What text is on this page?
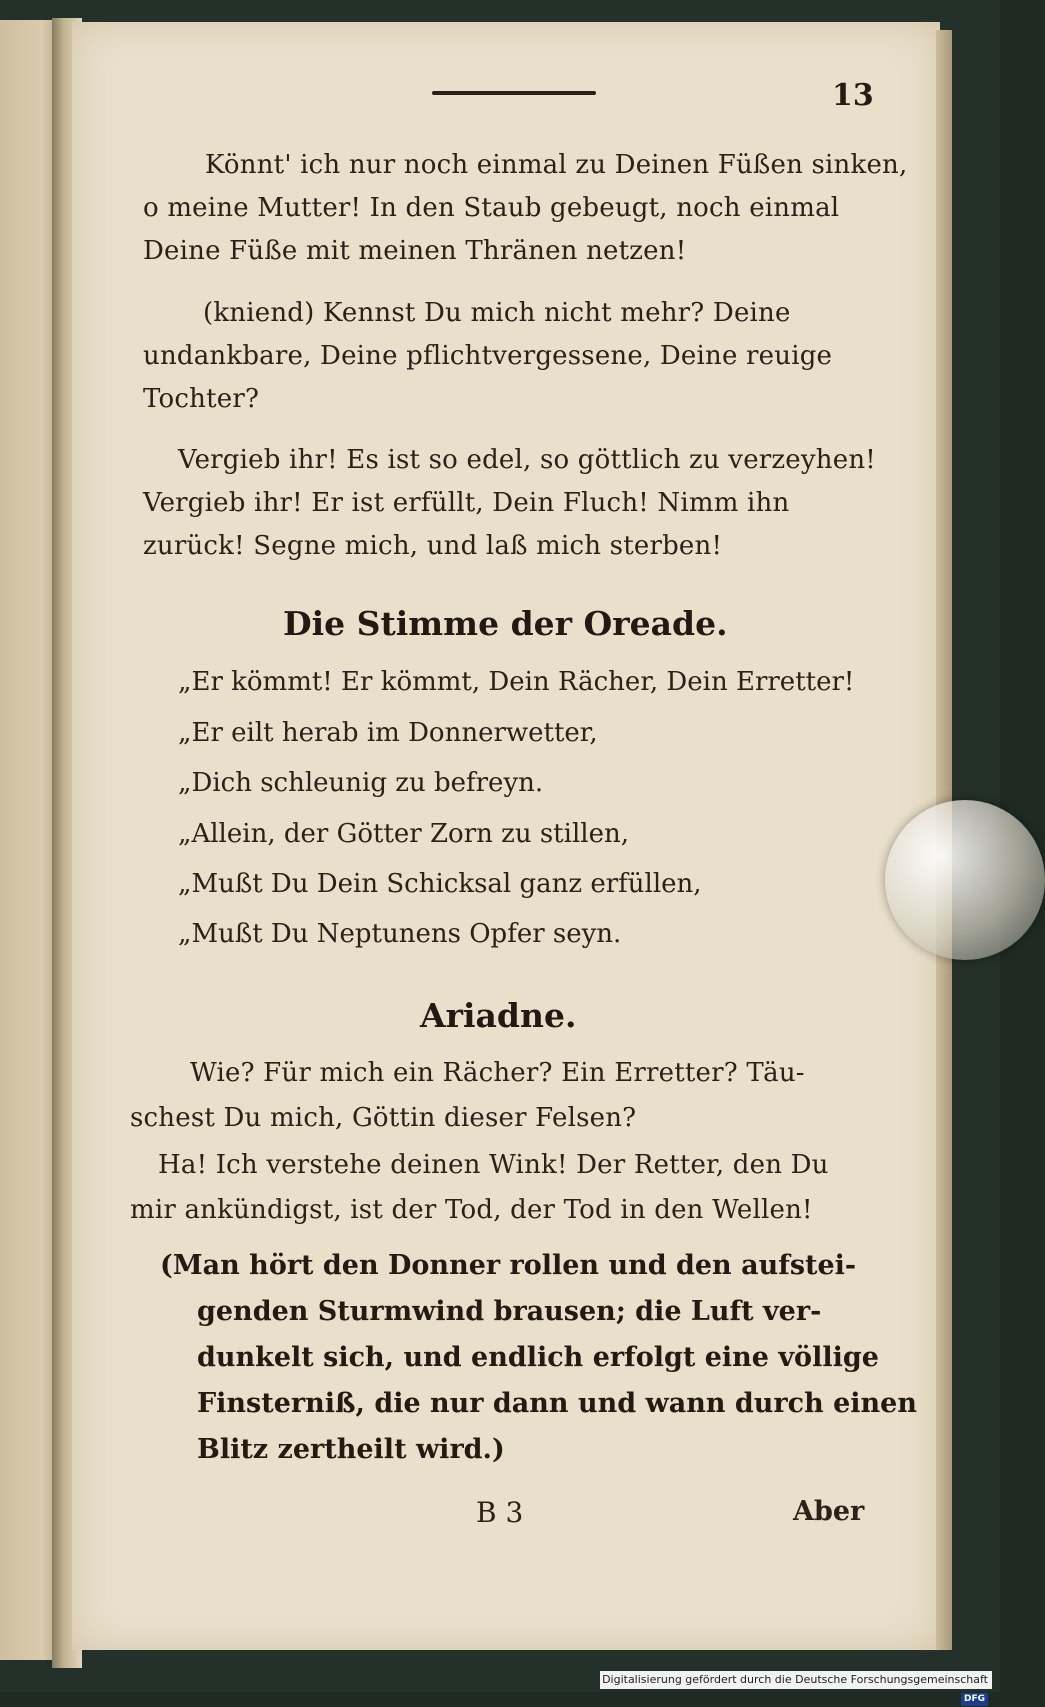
13
Könnt' ich nur noch einmal zu Deinen Füßen sinken,
o meine Mutter! In den Staub gebeugt, noch einmal
Deine Füße mit meinen Thränen netzen!
(kniend) Kennst Du mich nicht mehr? Deine
undankbare, Deine pflichtvergessene, Deine reuige
Tochter?
Vergieb ihr! Es ist so edel, so göttlich zu verzeyhen!
Vergieb ihr! Er ist erfüllt, Dein Fluch! Nimm ihn
zurück! Segne mich, und laß mich sterben!
Die Stimme der Oreade.
„Er kömmt! Er kömmt, Dein Rächer, Dein Erretter!
„Er eilt herab im Donnerwetter,
„Dich schleunig zu befreyn.
„Allein, der Götter Zorn zu stillen,
„Mußt Du Dein Schicksal ganz erfüllen,
„Mußt Du Neptunens Opfer seyn.
Ariadne.
Wie? Für mich ein Rächer? Ein Erretter? Täu-
schest Du mich, Göttin dieser Felsen?
Ha! Ich verstehe deinen Wink! Der Retter, den Du
mir ankündigst, ist der Tod, der Tod in den Wellen!
(Man hört den Donner rollen und den aufstei-
genden Sturmwind brausen; die Luft ver-
dunkelt sich, und endlich erfolgt eine völlige
Finsterniß, die nur dann und wann durch einen
Blitz zertheilt wird.)
B 3	Aber
Digitalisierung gefördert durch die Deutsche Forschungsgemeinschaft · DFG
